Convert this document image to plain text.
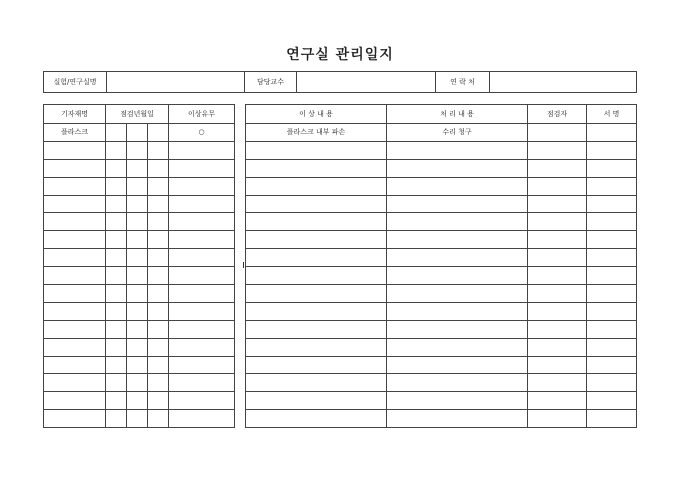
연구실 관리일지
실험/연구실명		담당교수		연 락 처	
기자재명	점검년월일			이상유무
플라스크				○

이 상 내 용	처 리 내 용	점검자	서 명
플라스크 내부 파손	수리 청구		
